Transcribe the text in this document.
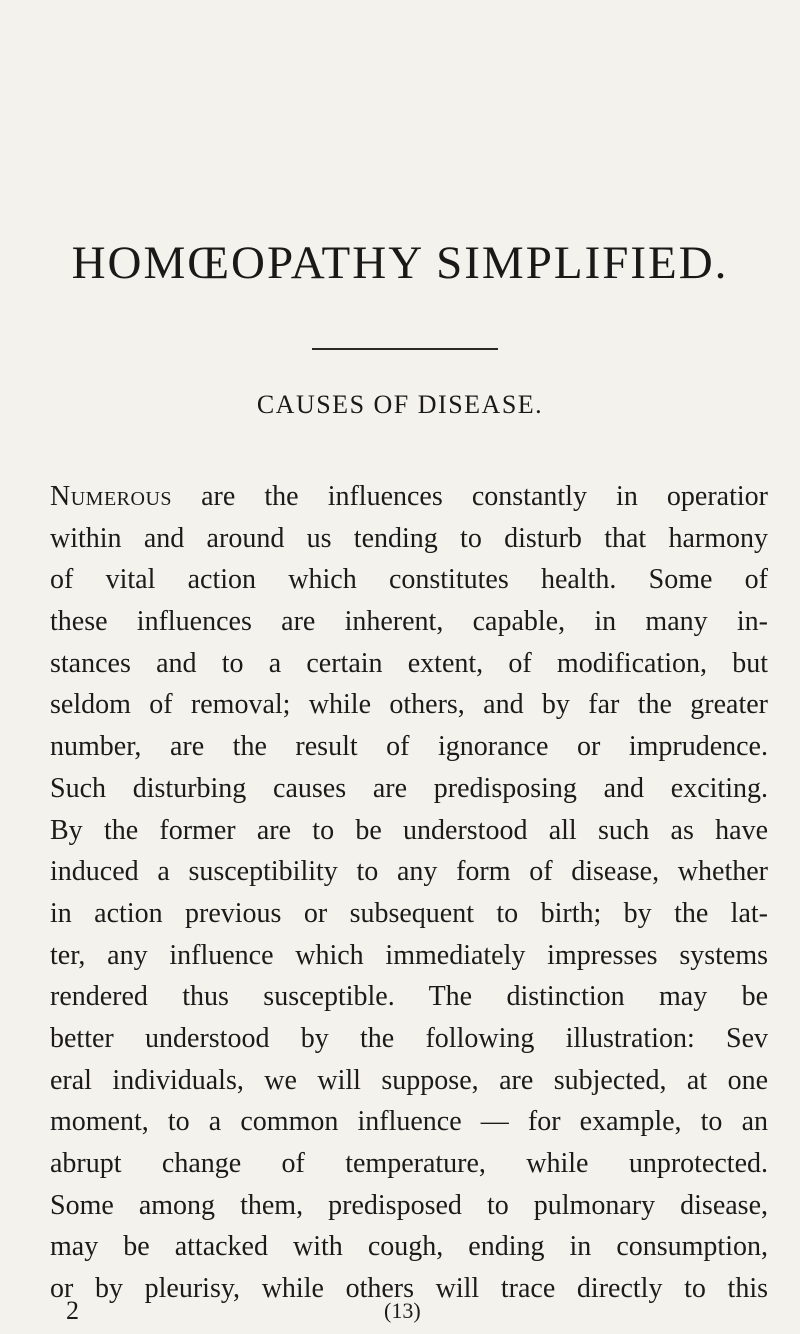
HOMŒOPATHY SIMPLIFIED.
CAUSES OF DISEASE.
Numerous are the influences constantly in operatior
within and around us tending to disturb that harmony
of vital action which constitutes health. Some of
these influences are inherent, capable, in many in-
stances and to a certain extent, of modification, but
seldom of removal; while others, and by far the greater
number, are the result of ignorance or imprudence.
Such disturbing causes are predisposing and exciting.
By the former are to be understood all such as have
induced a susceptibility to any form of disease, whether
in action previous or subsequent to birth; by the lat-
ter, any influence which immediately impresses systems
rendered thus susceptible. The distinction may be
better understood by the following illustration: Sev
eral individuals, we will suppose, are subjected, at one
moment, to a common influence — for example, to an
abrupt change of temperature, while unprotected.
Some among them, predisposed to pulmonary disease,
may be attacked with cough, ending in consumption,
or by pleurisy, while others will trace directly to this
2	(13)
